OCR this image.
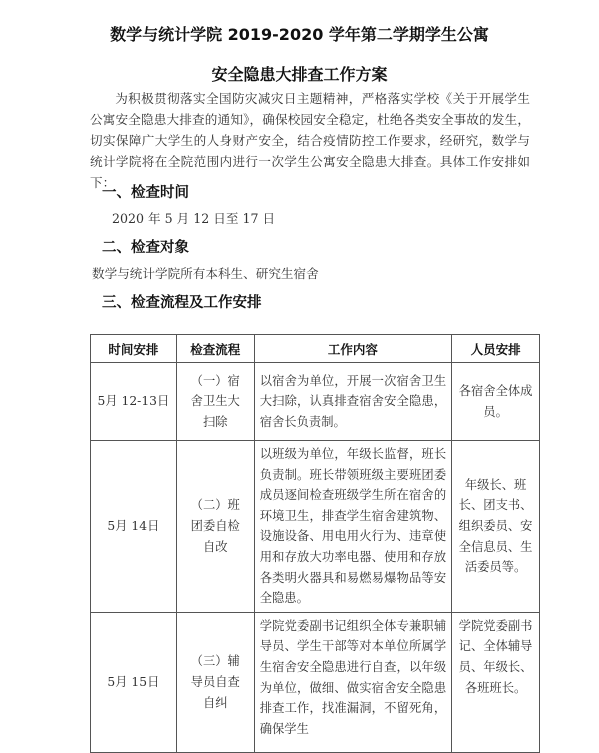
数学与统计学院 2019-2020 学年第二学期学生公寓
安全隐患大排查工作方案

为积极贯彻落实全国防灾减灾日主题精神，严格落实学校《关于开展学生公寓安全隐患大排查的通知》，确保校园安全稳定，杜绝各类安全事故的发生，切实保障广大学生的人身财产安全，结合疫情防控工作要求，经研究，数学与统计学院将在全院范围内进行一次学生公寓安全隐患大排查。具体工作安排如下：

一、检查时间
2020 年 5 月 12 日至 17 日
二、检查对象
数学与统计学院所有本科生、研究生宿舍
三、检查流程及工作安排
时间安排	检查流程	工作内容	人员安排
5月 12-13日	（一）宿舍卫生大扫除	以宿舍为单位，开展一次宿舍卫生大扫除，认真排查宿舍安全隐患，宿舍长负责制。	各宿舍全体成员。
5月 14日	（二）班团委自检自改	以班级为单位，年级长监督，班长负责制。班长带领班级主要班团委成员逐间检查班级学生所在宿舍的环境卫生，排查学生宿舍建筑物、设施设备、用电用火行为、违章使用和存放大功率电器、使用和存放各类明火器具和易燃易爆物品等安全隐患。	年级长、班长、团支书、组织委员、安全信息员、生活委员等。
5月 15日	（三）辅导员自查自纠	学院党委副书记组织全体专兼职辅导员、学生干部等对本单位所属学生宿舍安全隐患进行自查，以年级为单位，做细、做实宿舍安全隐患排查工作，找准漏洞，不留死角，确保学生	学院党委副书记、全体辅导员、年级长、各班班长。
